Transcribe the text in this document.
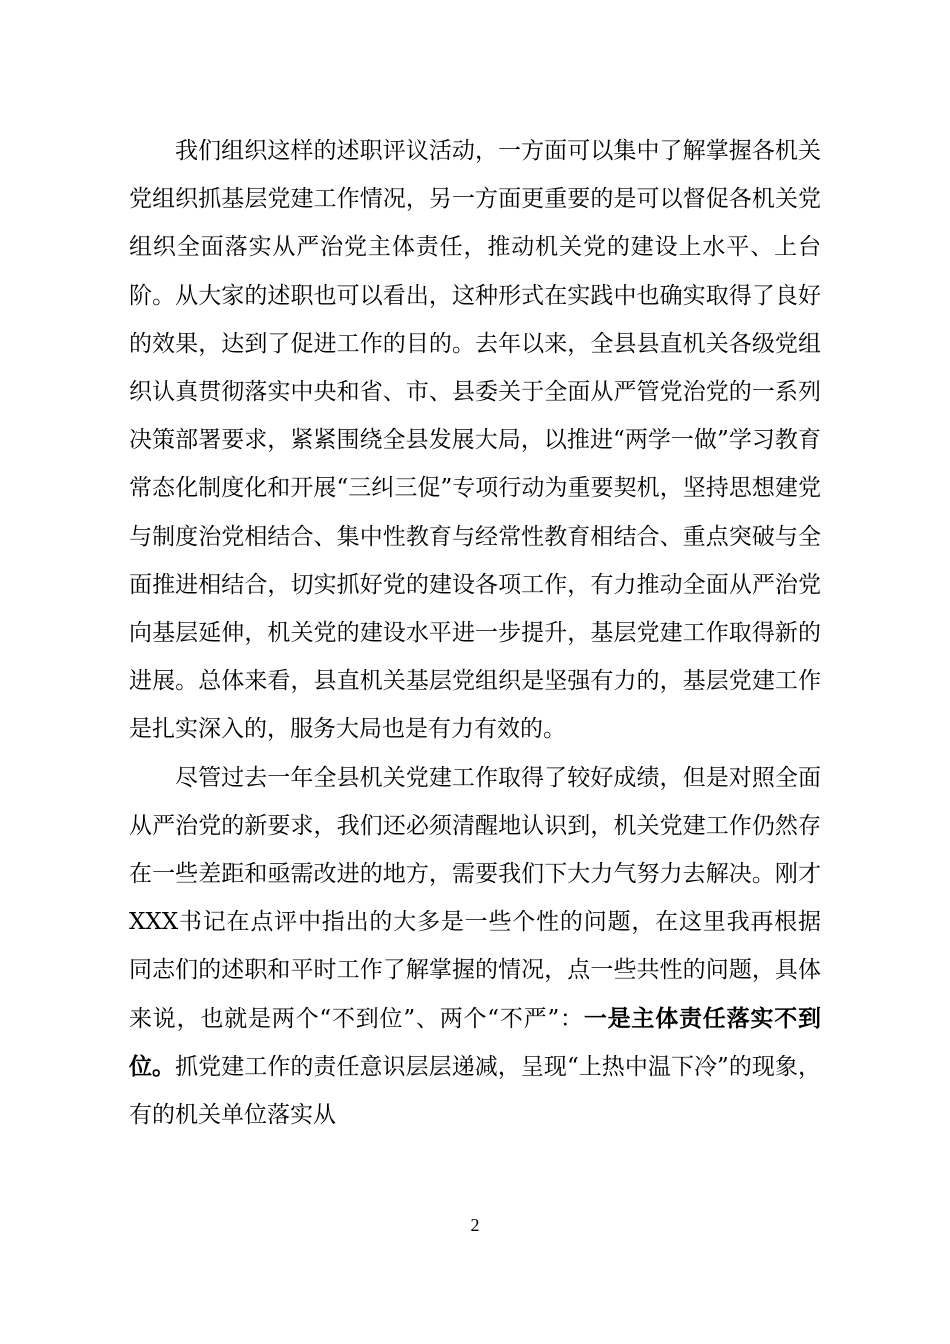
我们组织这样的述职评议活动，一方面可以集中了解掌握各机关党组织抓基层党建工作情况，另一方面更重要的是可以督促各机关党组织全面落实从严治党主体责任，推动机关党的建设上水平、上台阶。从大家的述职也可以看出，这种形式在实践中也确实取得了良好的效果，达到了促进工作的目的。去年以来，全县县直机关各级党组织认真贯彻落实中央和省、市、县委关于全面从严管党治党的一系列决策部署要求，紧紧围绕全县发展大局，以推进“两学一做”学习教育常态化制度化和开展“三纠三促”专项行动为重要契机，坚持思想建党与制度治党相结合、集中性教育与经常性教育相结合、重点突破与全面推进相结合，切实抓好党的建设各项工作，有力推动全面从严治党向基层延伸，机关党的建设水平进一步提升，基层党建工作取得新的进展。总体来看，县直机关基层党组织是坚强有力的，基层党建工作是扎实深入的，服务大局也是有力有效的。

尽管过去一年全县机关党建工作取得了较好成绩，但是对照全面从严治党的新要求，我们还必须清醒地认识到，机关党建工作仍然存在一些差距和亟需改进的地方，需要我们下大力气努力去解决。刚才XXX书记在点评中指出的大多是一些个性的问题，在这里我再根据同志们的述职和平时工作了解掌握的情况，点一些共性的问题，具体来说，也就是两个“不到位”、两个“不严”：一是主体责任落实不到位。抓党建工作的责任意识层层递减，呈现“上热中温下冷”的现象，有的机关单位落实从

2
